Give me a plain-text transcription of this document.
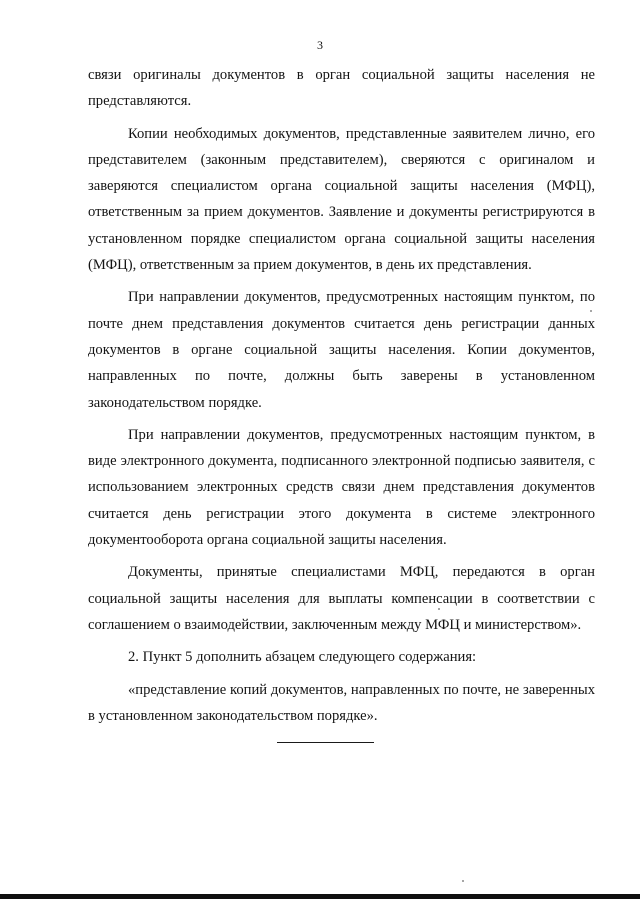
3

связи оригиналы документов в орган социальной защиты населения не представляются.

Копии необходимых документов, представленные заявителем лично, его представителем (законным представителем), сверяются с оригиналом и заверяются специалистом органа социальной защиты населения (МФЦ), ответственным за прием документов. Заявление и документы регистрируются в установленном порядке специалистом органа социальной защиты населения (МФЦ), ответственным за прием документов, в день их представления.

При направлении документов, предусмотренных настоящим пунктом, по почте днем представления документов считается день регистрации данных документов в органе социальной защиты населения. Копии документов, направленных по почте, должны быть заверены в установленном законодательством порядке.

При направлении документов, предусмотренных настоящим пунктом, в виде электронного документа, подписанного электронной подписью заявителя, с использованием электронных средств связи днем представления документов считается день регистрации этого документа в системе электронного документооборота органа социальной защиты населения.

Документы, принятые специалистами МФЦ, передаются в орган социальной защиты населения для выплаты компенсации в соответствии с соглашением о взаимодействии, заключенным между МФЦ и министерством».

2. Пункт 5 дополнить абзацем следующего содержания:

«представление копий документов, направленных по почте, не заверенных в установленном законодательством порядке».
